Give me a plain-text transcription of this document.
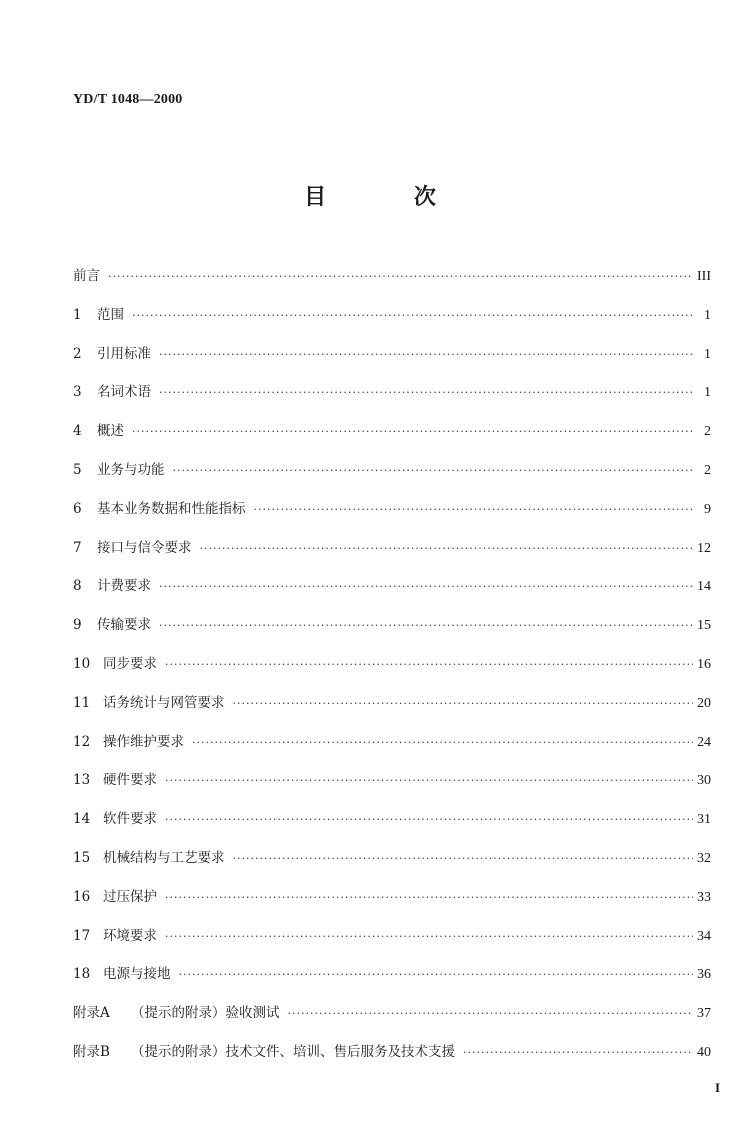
YD/T 1048—2000
目 次
前言 ·····	III
1	范围 ·····	1
2	引用标准 ·····	1
3	名词术语 ·····	1
4	概述 ·····	2
5	业务与功能 ·····	2
6	基本业务数据和性能指标 ·····	9
7	接口与信令要求 ·····	12
8	计费要求 ·····	14
9	传输要求 ·····	15
10 同步要求 ·····	16
11 话务统计与网管要求 ·····	20
12 操作维护要求 ·····	24
13 硬件要求 ·····	30
14 软件要求 ·····	31
15 机械结构与工艺要求 ·····	32
16 过压保护 ·····	33
17 环境要求 ·····	34
18 电源与接地 ·····	36
附录A	（提示的附录）验收测试 ·····	37
附录B	（提示的附录）技术文件、培训、售后服务及技术支援 ·····	40
I
